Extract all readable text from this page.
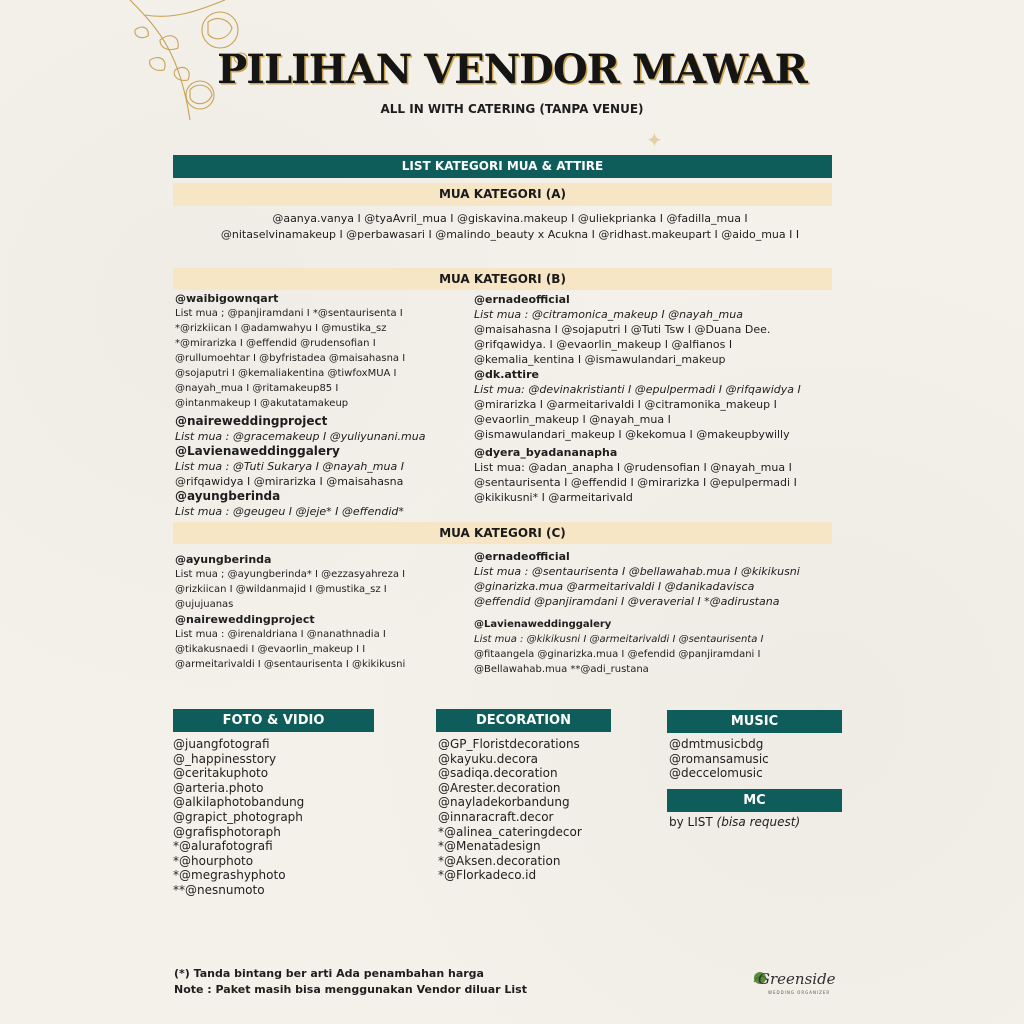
✦
PILIHAN VENDOR MAWAR
ALL IN WITH CATERING (TANPA VENUE)
LIST KATEGORI MUA & ATTIRE
MUA KATEGORI (A)
@aanya.vanya I @tyaAvril_mua I @giskavina.makeup I @uliekprianka I @fadilla_mua I
@nitaselvinamakeup I @perbawasari I @malindo_beauty x Acukna I @ridhast.makeupart I @aido_mua I I
MUA KATEGORI (B)
@waibigownqart
List mua ; @panjiramdani I *@sentaurisenta I
*@rizkiican I @adamwahyu I @mustika_sz
*@mirarizka I @effendid @rudensofian I
@rullumoehtar I @byfristadea @maisahasna I
@sojaputri I @kemaliakentina @tiwfoxMUA I
@nayah_mua I @ritamakeup85 I
@intanmakeup I @akutatamakeup
@naireweddingproject
List mua : @gracemakeup I @yuliyunani.mua
@Lavienaweddinggalery
List mua : @Tuti Sukarya I @nayah_mua I
@rifqawidya I @mirarizka I @maisahasna
@ayungberinda
List mua : @geugeu I @jeje* I @effendid*
@ernadeofficial
List mua : @citramonica_makeup I @nayah_mua
@maisahasna I @sojaputri I @Tuti Tsw I @Duana Dee.
@rifqawidya. I @evaorlin_makeup I @alfianos I
@kemalia_kentina I @ismawulandari_makeup
@dk.attire
List mua: @devinakristianti I @epulpermadi I @rifqawidya I
@mirarizka I @armeitarivaldi I @citramonika_makeup I
@evaorlin_makeup I @nayah_mua I
@ismawulandari_makeup I @kekomua I @makeupbywilly
@dyera_byadananapha
List mua: @adan_anapha I @rudensofian I @nayah_mua I
@sentaurisenta I @effendid I @mirarizka I @epulpermadi I
@kikikusni* I @armeitarivald
MUA KATEGORI (C)
@ayungberinda
List mua ; @ayungberinda* I @ezzasyahreza I
@rizkiican I @wildanmajid I @mustika_sz I
@ujujuanas
@naireweddingproject
List mua : @irenaldriana I @nanathnadia I
@tikakusnaedi I @evaorlin_makeup I I
@armeitarivaldi I @sentaurisenta I @kikikusni
@ernadeofficial
List mua : @sentaurisenta I @bellawahab.mua I @kikikusni
@ginarizka.mua @armeitarivaldi I @danikadavisca
@effendid @panjiramdani I @veraverial I *@adirustana
@Lavienaweddinggalery
List mua : @kikikusni I @armeitarivaldi I @sentaurisenta I
@fitaangela @ginarizka.mua I @efendid @panjiramdani I
@Bellawahab.mua **@adi_rustana
FOTO & VIDIO
@juangfotografi
@_happinesstory
@ceritakuphoto
@arteria.photo
@alkilaphotobandung
@grapict_photograph
@grafisphotoraph
*@alurafotografi
*@hourphoto
*@megrashyphoto
**@nesnumoto
DECORATION
@GP_Floristdecorations
@kayuku.decora
@sadiqa.decoration
@Arester.decoration
@nayladekorbandung
@innaracraft.decor
*@alinea_cateringdecor
*@Menatadesign
*@Aksen.decoration
*@Florkadeco.id
MUSIC
@dmtmusicbdg
@romansamusic
@deccelomusic
MC
by LIST (bisa request)
(*) Tanda bintang ber arti Ada penambahan harga
Note : Paket masih bisa menggunakan Vendor diluar List
Greenside
WEDDING ORGANIZER
